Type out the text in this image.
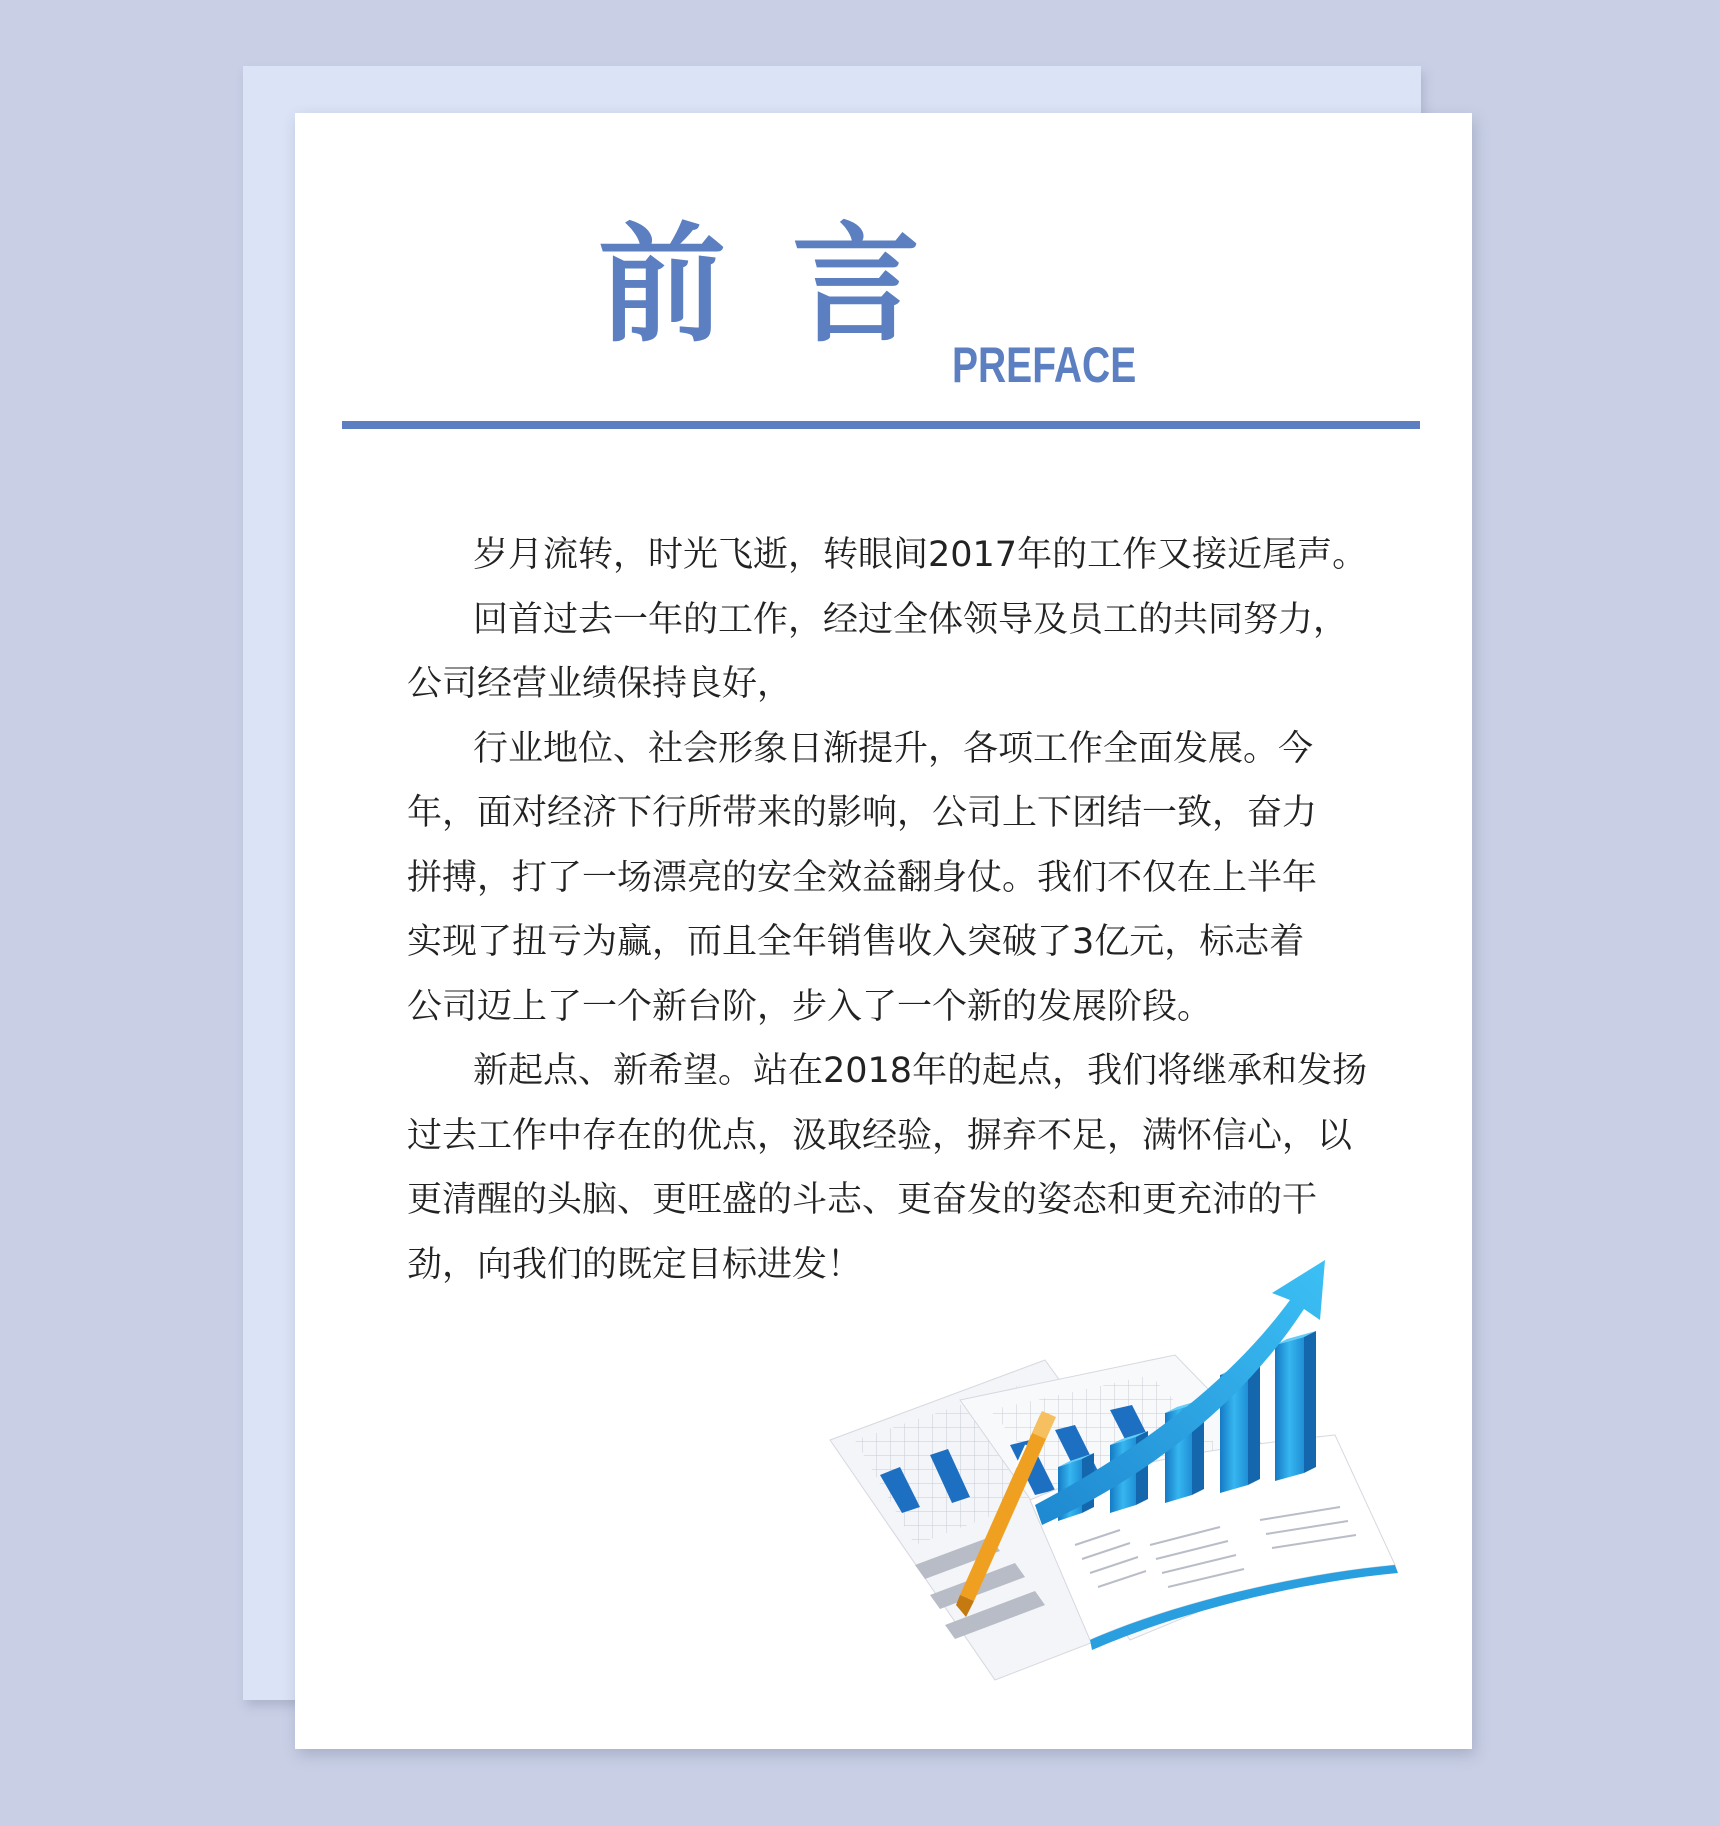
前言
PREFACE

岁月流转，时光飞逝，转眼间2017年的工作又接近尾声。

回首过去一年的工作，经过全体领导及员工的共同努力，

公司经营业绩保持良好，

行业地位、社会形象日渐提升，各项工作全面发展。今

年，面对经济下行所带来的影响，公司上下团结一致，奋力

拼搏，打了一场漂亮的安全效益翻身仗。我们不仅在上半年

实现了扭亏为赢，而且全年销售收入突破了3亿元，标志着

公司迈上了一个新台阶，步入了一个新的发展阶段。

新起点、新希望。站在2018年的起点，我们将继承和发扬

过去工作中存在的优点，汲取经验，摒弃不足，满怀信心，以

更清醒的头脑、更旺盛的斗志、更奋发的姿态和更充沛的干

劲，向我们的既定目标进发！
